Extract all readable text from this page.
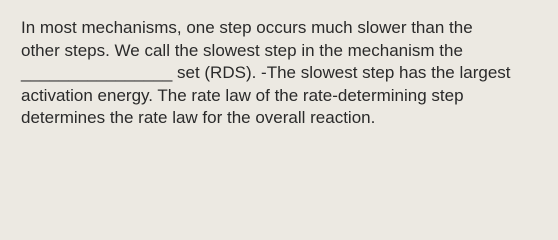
In most mechanisms, one step occurs much slower than the
other steps. We call the slowest step in the mechanism the
________________ set (RDS). -The slowest step has the largest
activation energy. The rate law of the rate-determining step
determines the rate law for the overall reaction.
